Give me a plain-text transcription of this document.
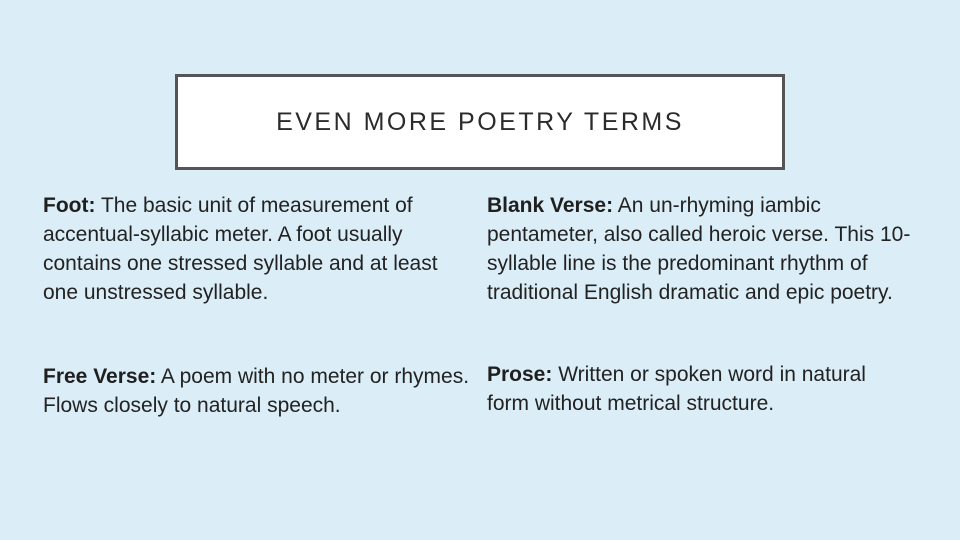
EVEN MORE POETRY TERMS

Foot: The basic unit of measurement of accentual-syllabic meter. A foot usually contains one stressed syllable and at least one unstressed syllable.

Blank Verse: An un-rhyming iambic pentameter, also called heroic verse. This 10-syllable line is the predominant rhythm of traditional English dramatic and epic poetry.

Free Verse: A poem with no meter or rhymes. Flows closely to natural speech.

Prose: Written or spoken word in natural form without metrical structure.
